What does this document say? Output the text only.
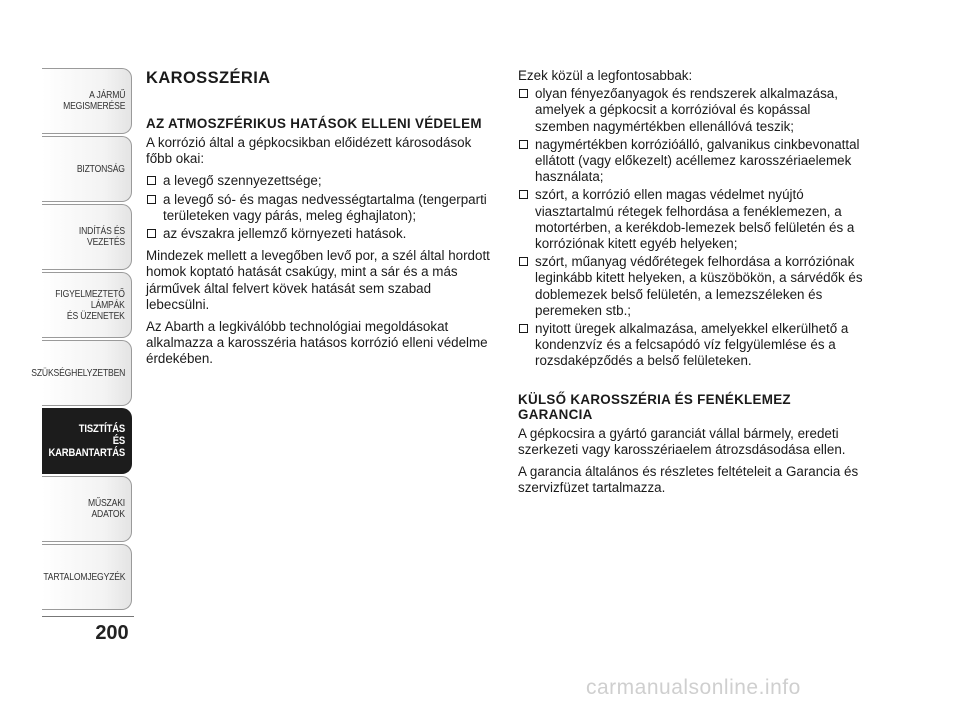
A JÁRMŰ
MEGISMERÉSE
BIZTONSÁG
INDÍTÁS ÉS VEZETÉS
FIGYELMEZTETŐ
LÁMPÁK
ÉS ÜZENETEK
SZÜKSÉGHELYZETBEN
TISZTÍTÁS
ÉS KARBANTARTÁS
MŰSZAKI ADATOK
TARTALOMJEGYZÉK
200
KAROSSZÉRIA
AZ ATMOSZFÉRIKUS HATÁSOK ELLENI VÉDELEM

A korrózió által a gépkocsikban előidézett károsodások főbb okai:

a levegő szennyezettsége;
a levegő só- és magas nedvességtartalma (tengerparti területeken vagy párás, meleg éghajlaton);
az évszakra jellemző környezeti hatások.

Mindezek mellett a levegőben levő por, a szél által hordott homok koptató hatását csakúgy, mint a sár és a más járművek által felvert kövek hatását sem szabad lebecsülni.

Az Abarth a legkiválóbb technológiai megoldásokat alkalmazza a karosszéria hatásos korrózió elleni védelme érdekében.

Ezek közül a legfontosabbak:

olyan fényezőanyagok és rendszerek alkalmazása, amelyek a gépkocsit a korrózióval és kopással szemben nagymértékben ellenállóvá teszik;
nagymértékben korrózióálló, galvanikus cinkbevonattal ellátott (vagy előkezelt) acéllemez karosszériaelemek használata;
szórt, a korrózió ellen magas védelmet nyújtó viasztartalmú rétegek felhordása a fenéklemezen, a motortérben, a kerékdob-lemezek belső felületén és a korróziónak kitett egyéb helyeken;
szórt, műanyag védőrétegek felhordása a korróziónak leginkább kitett helyeken, a küszöbökön, a sárvédők és doblemezek belső felületén, a lemezszéleken és peremeken stb.;
nyitott üregek alkalmazása, amelyekkel elkerülhető a kondenzvíz és a felcsapódó víz felgyülemlése és a rozsdaképződés a belső felületeken.
KÜLSŐ KAROSSZÉRIA ÉS FENÉKLEMEZ GARANCIA

A gépkocsira a gyártó garanciát vállal bármely, eredeti szerkezeti vagy karosszériaelem átrozsdásodása ellen.

A garancia általános és részletes feltételeit a Garancia és szervizfüzet tartalmazza.

carmanualsonline.info
